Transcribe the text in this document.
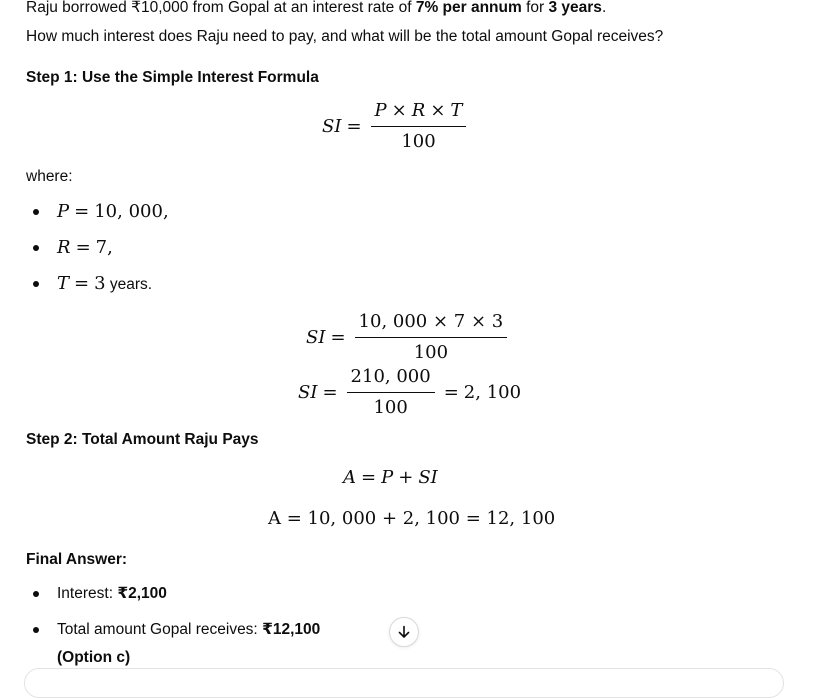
Raju borrowed ₹10,000 from Gopal at an interest rate of 7% per annum for 3 years.
How much interest does Raju need to pay, and what will be the total amount Gopal receives?
Step 1: Use the Simple Interest Formula
SI = $\frac{P \times R \times T}{100}$
where:
P = 10, 000,
R = 7,
T = 3 years.
SI = $\frac{10, 000 \times 7 \times 3}{100}$
SI = $\frac{210, 000}{100} = 2$, 100
Step 2: Total Amount Raju Pays
A = P + SI
A = 10, 000 + 2, 100 = 12, 100
Final Answer:
Interest: ₹2,100
Total amount Gopal receives: ₹12,100
(Option c)
